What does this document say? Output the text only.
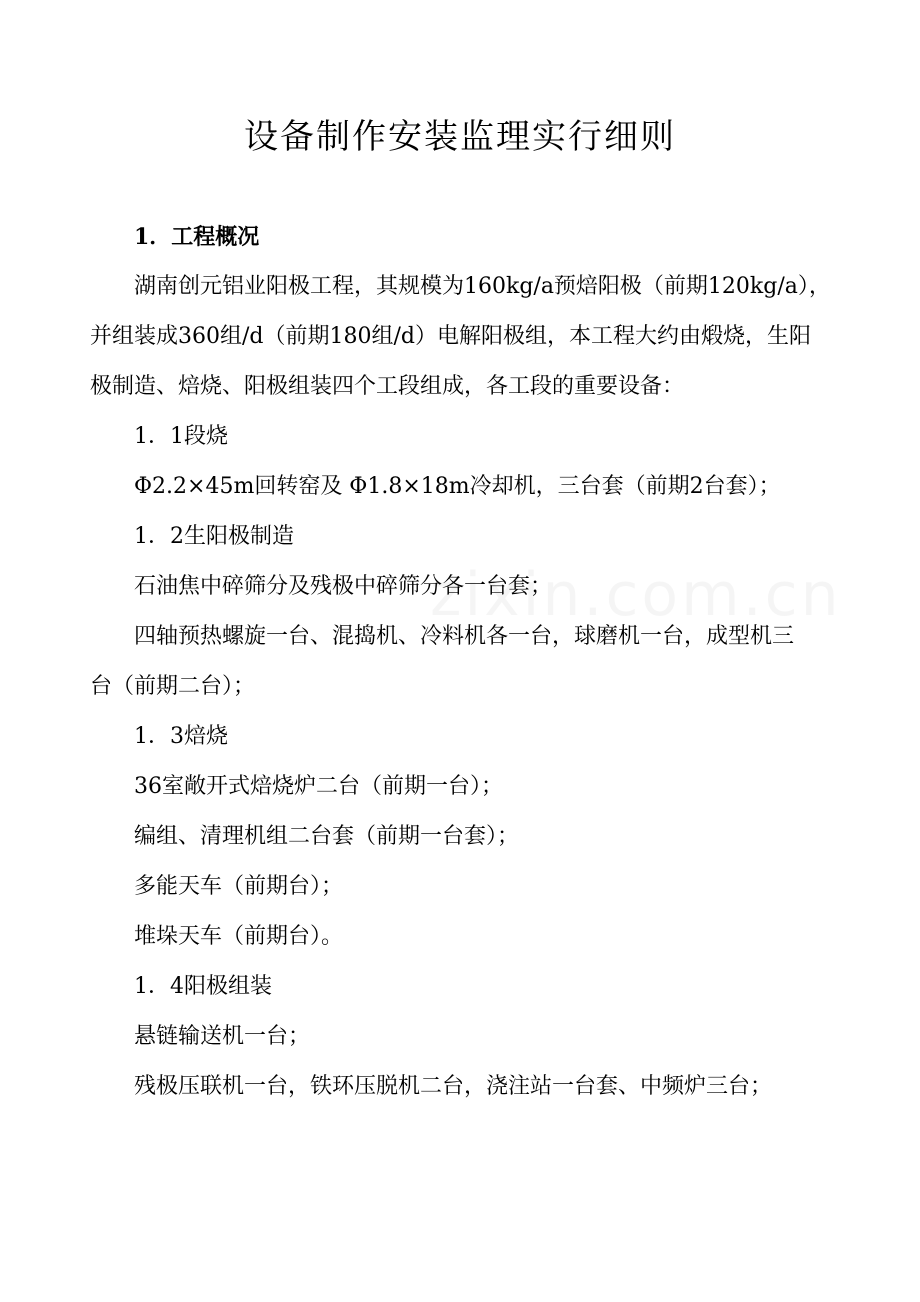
设备制作安装监理实行细则
1．工程概况
湖南创元铝业阳极工程，其规模为160kg/a预焙阳极（前期120kg/a），
并组装成360组/d（前期180组/d）电解阳极组，本工程大约由煅烧，生阳
极制造、焙烧、阳极组装四个工段组成，各工段的重要设备：
1．1段烧
Φ2.2×45m回转窑及 Φ1.8×18m冷却机，三台套（前期2台套）；
1．2生阳极制造
石油焦中碎筛分及残极中碎筛分各一台套；
四轴预热螺旋一台、混捣机、冷料机各一台，球磨机一台，成型机三
台（前期二台）；
1．3焙烧
36室敞开式焙烧炉二台（前期一台）；
编组、清理机组二台套（前期一台套）；
多能天车（前期台）；
堆垛天车（前期台）。
1．4阳极组装
悬链输送机一台；
残极压联机一台，铁环压脱机二台，浇注站一台套、中频炉三台；
